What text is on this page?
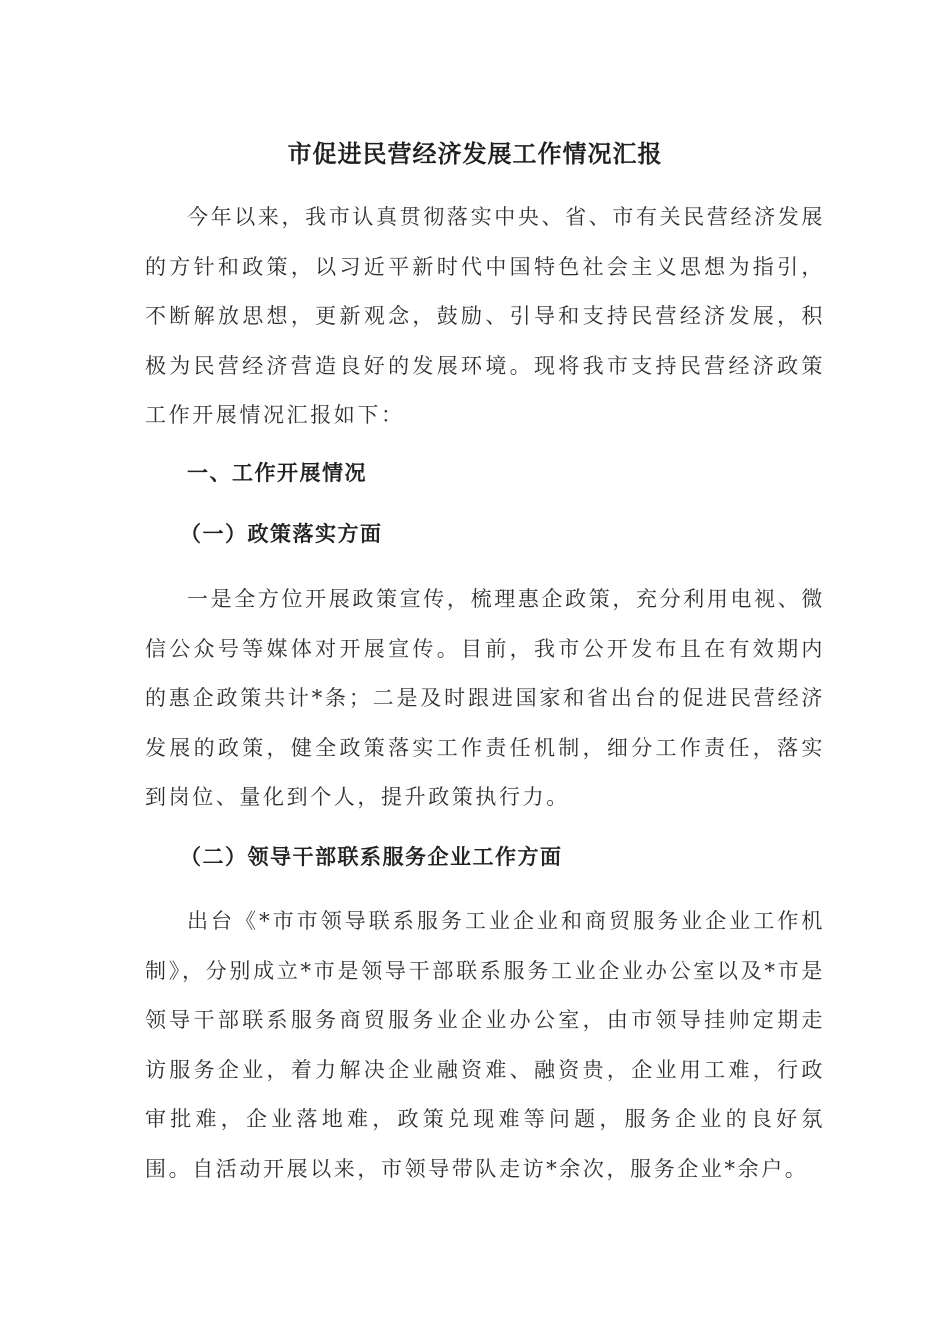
市促进民营经济发展工作情况汇报
今年以来，我市认真贯彻落实中央、省、市有关民营经济发展的方针和政策，以习近平新时代中国特色社会主义思想为指引，不断解放思想，更新观念，鼓励、引导和支持民营经济发展，积极为民营经济营造良好的发展环境。现将我市支持民营经济政策工作开展情况汇报如下：
一、工作开展情况
（一）政策落实方面
一是全方位开展政策宣传，梳理惠企政策，充分利用电视、微信公众号等媒体对开展宣传。目前，我市公开发布且在有效期内的惠企政策共计*条；二是及时跟进国家和省出台的促进民营经济发展的政策，健全政策落实工作责任机制，细分工作责任，落实到岗位、量化到个人，提升政策执行力。
（二）领导干部联系服务企业工作方面
出台《*市市领导联系服务工业企业和商贸服务业企业工作机制》，分别成立*市是领导干部联系服务工业企业办公室以及*市是领导干部联系服务商贸服务业企业办公室，由市领导挂帅定期走访服务企业，着力解决企业融资难、融资贵，企业用工难，行政审批难，企业落地难，政策兑现难等问题，服务企业的良好氛围。自活动开展以来，市领导带队走访*余次，服务企业*余户。
